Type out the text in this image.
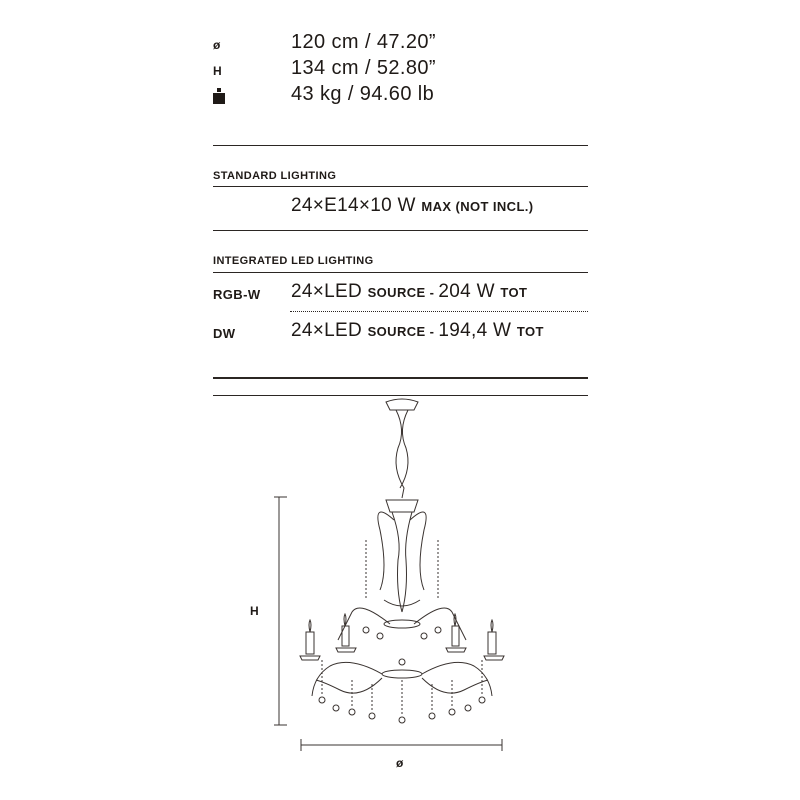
ø	120 cm / 47.20”
H	134 cm / 52.80”
43 kg / 94.60 lb
STANDARD LIGHTING
24×E14×10 W MAX (NOT INCL.)
INTEGRATED LED LIGHTING
RGB-W 24×LED SOURCE - 204 W TOT
DW	24×LED SOURCE - 194,4 W TOT
H
ø
